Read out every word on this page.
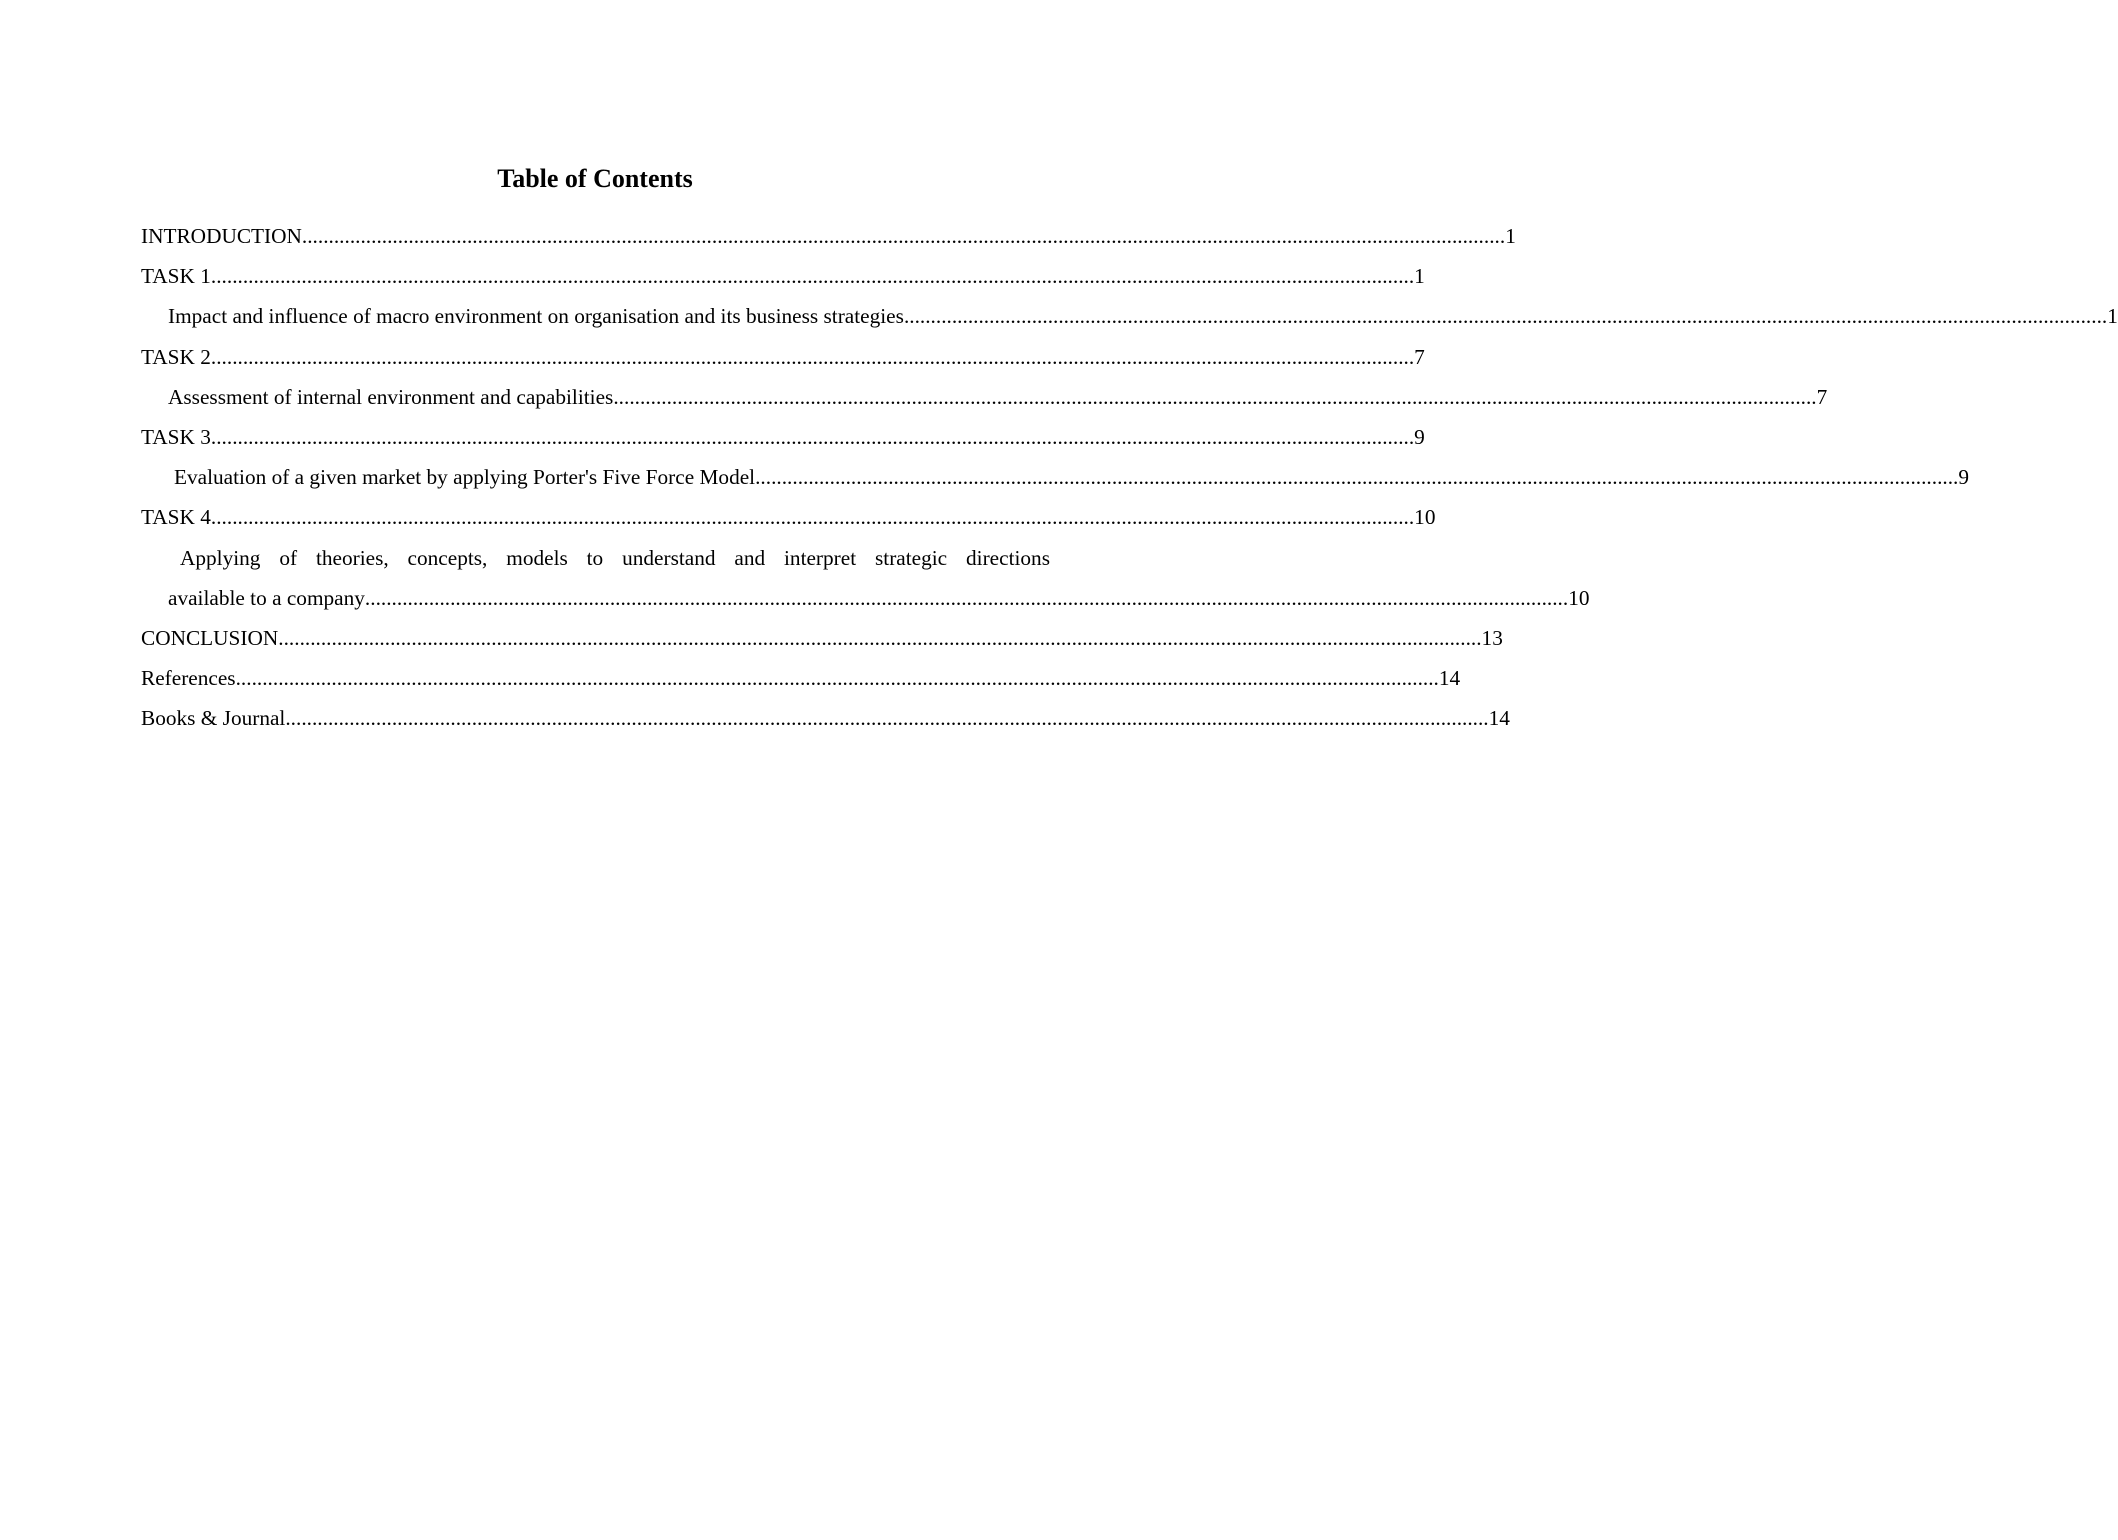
Table of Contents
INTRODUCTION .................................................................................................................................................................................................................................. 1
TASK 1 .................................................................................................................................................................................................................................. 1
Impact and influence of macro environment on organisation and its business strategies .................................................................................................................................................................................................................................. 1
TASK 2 .................................................................................................................................................................................................................................. 7
Assessment of internal environment and capabilities .................................................................................................................................................................................................................................. 7
TASK 3 .................................................................................................................................................................................................................................. 9
Evaluation of a given market by applying Porter's Five Force Model .................................................................................................................................................................................................................................. 9
TASK 4 .................................................................................................................................................................................................................................. 10
Applying of theories, concepts, models to understand and interpret strategic directions
available to a company .................................................................................................................................................................................................................................. 10
CONCLUSION .................................................................................................................................................................................................................................. 13
References .................................................................................................................................................................................................................................. 14
Books & Journal .................................................................................................................................................................................................................................. 14
